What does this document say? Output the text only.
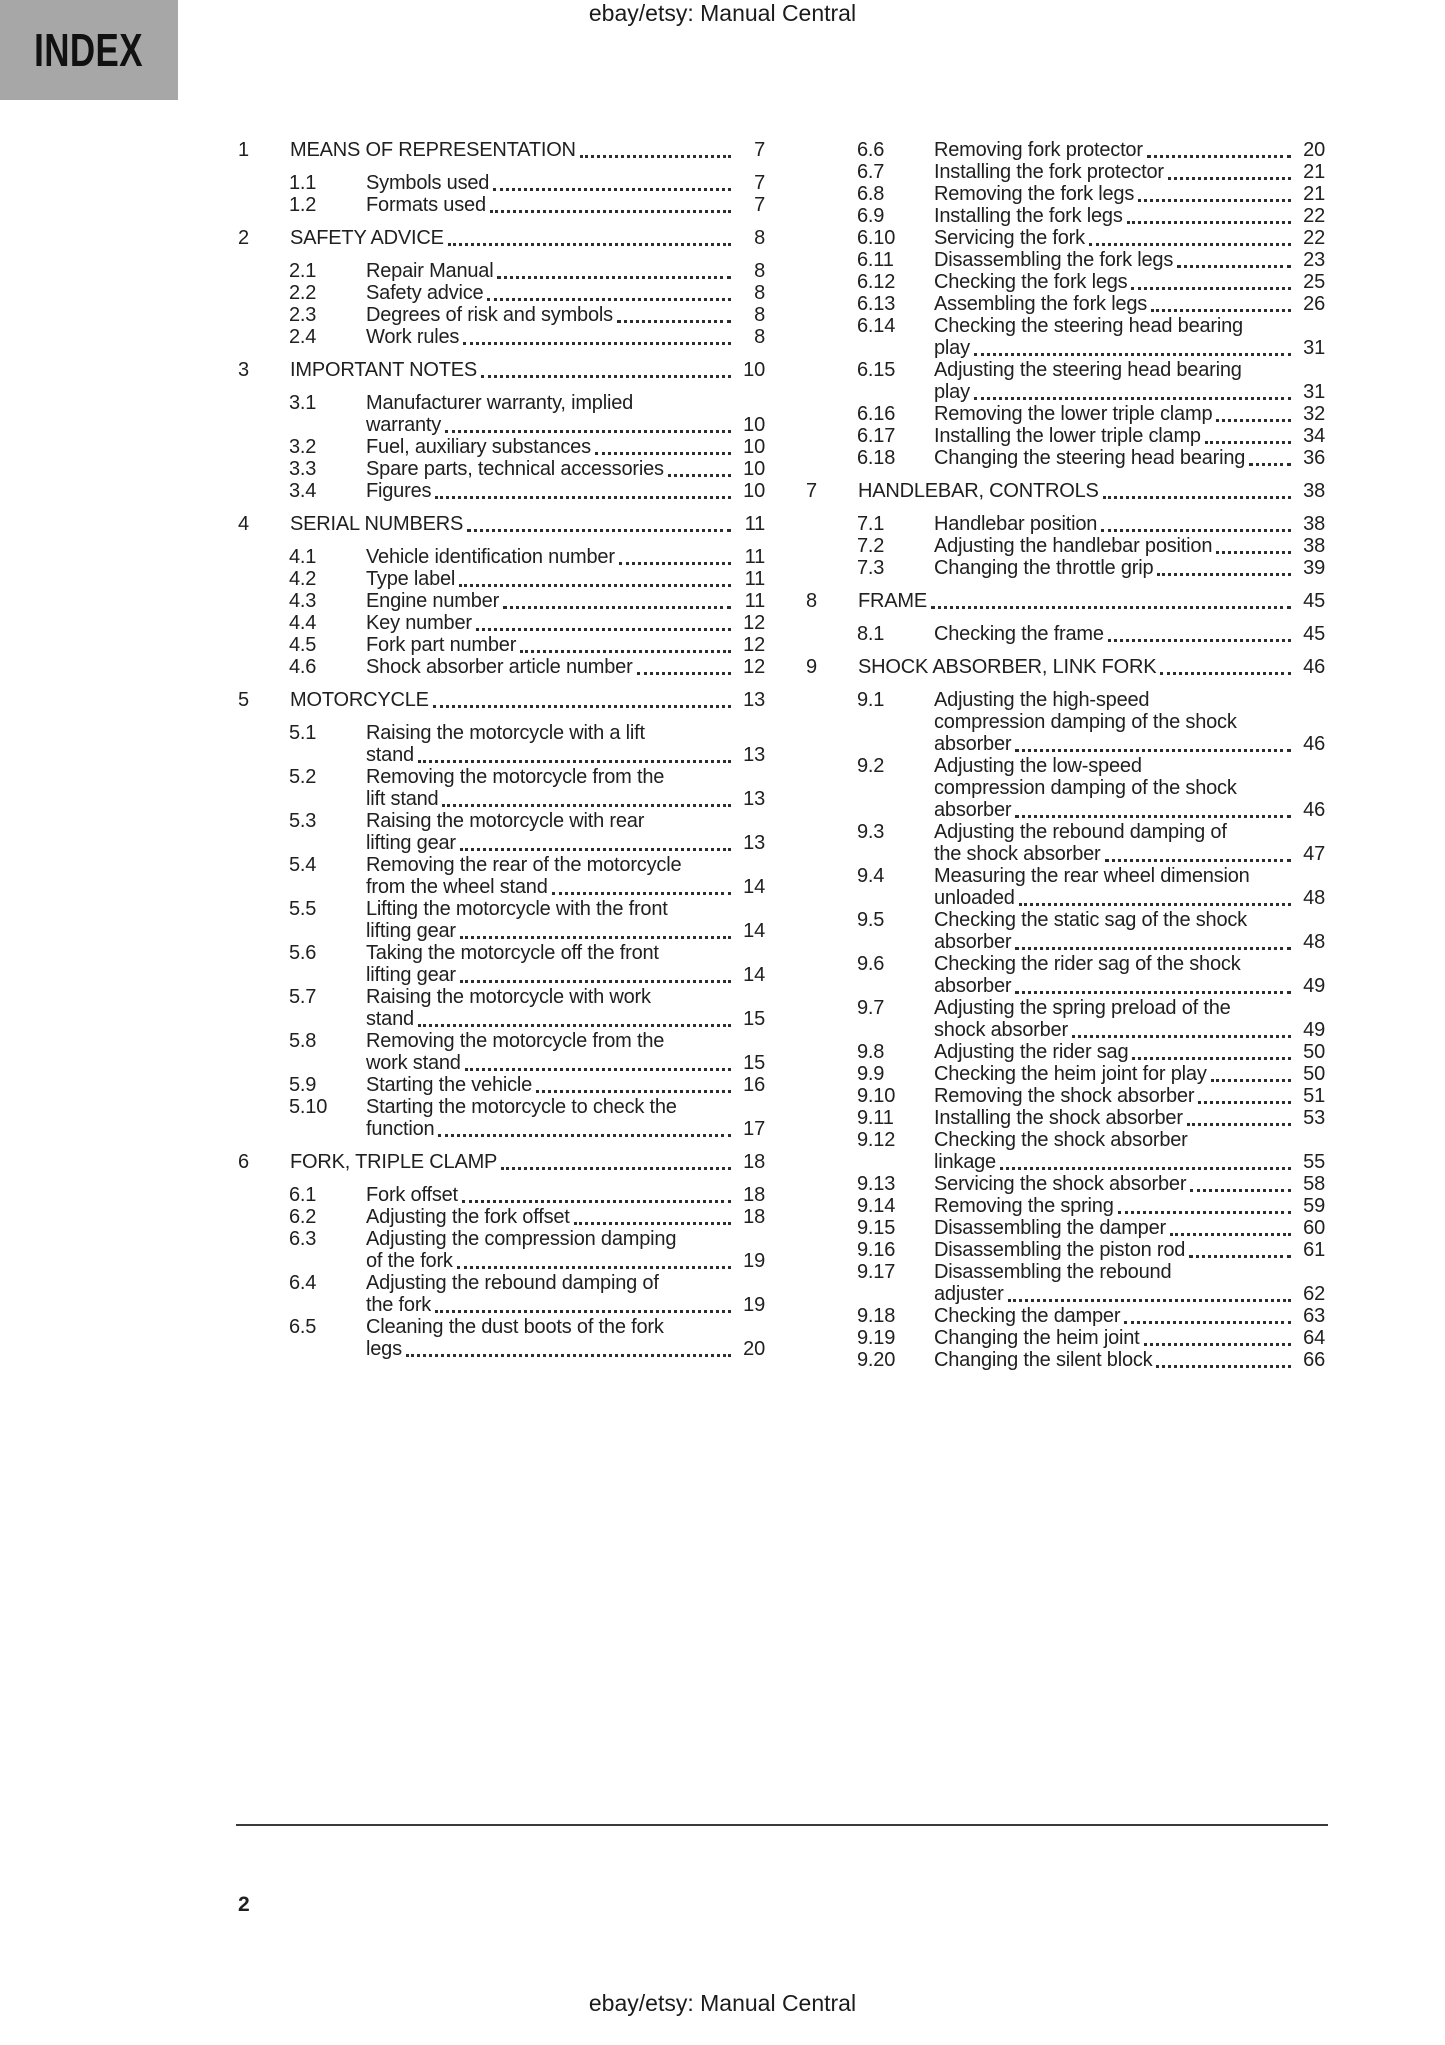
ebay/etsy: Manual Central
INDEX
1	MEANS OF REPRESENTATION	7
1.1	Symbols used	7
1.2	Formats used	7
2	SAFETY ADVICE	8
2.1	Repair Manual	8
2.2	Safety advice	8
2.3	Degrees of risk and symbols	8
2.4	Work rules	8
3	IMPORTANT NOTES	10
3.1	Manufacturer warranty, implied
warranty	10
3.2	Fuel, auxiliary substances	10
3.3	Spare parts, technical accessories	10
3.4	Figures	10
4	SERIAL NUMBERS	11
4.1	Vehicle identification number	11
4.2	Type label	11
4.3	Engine number	11
4.4	Key number	12
4.5	Fork part number	12
4.6	Shock absorber article number	12
5	MOTORCYCLE	13
5.1	Raising the motorcycle with a lift
stand	13
5.2	Removing the motorcycle from the
lift stand	13
5.3	Raising the motorcycle with rear
lifting gear	13
5.4	Removing the rear of the motorcycle
from the wheel stand	14
5.5	Lifting the motorcycle with the front
lifting gear	14
5.6	Taking the motorcycle off the front
lifting gear	14
5.7	Raising the motorcycle with work
stand	15
5.8	Removing the motorcycle from the
work stand	15
5.9	Starting the vehicle	16
5.10	Starting the motorcycle to check the
function	17
6	FORK, TRIPLE CLAMP	18
6.1	Fork offset	18
6.2	Adjusting the fork offset	18
6.3	Adjusting the compression damping
of the fork	19
6.4	Adjusting the rebound damping of
the fork	19
6.5	Cleaning the dust boots of the fork
legs	20
6.6	Removing fork protector	20
6.7	Installing the fork protector	21
6.8	Removing the fork legs	21
6.9	Installing the fork legs	22
6.10	Servicing the fork	22
6.11	Disassembling the fork legs	23
6.12	Checking the fork legs	25
6.13	Assembling the fork legs	26
6.14	Checking the steering head bearing
play	31
6.15	Adjusting the steering head bearing
play	31
6.16	Removing the lower triple clamp	32
6.17	Installing the lower triple clamp	34
6.18	Changing the steering head bearing	36
7	HANDLEBAR, CONTROLS	38
7.1	Handlebar position	38
7.2	Adjusting the handlebar position	38
7.3	Changing the throttle grip	39
8	FRAME	45
8.1	Checking the frame	45
9	SHOCK ABSORBER, LINK FORK	46
9.1	Adjusting the high-speed
compression damping of the shock
absorber	46
9.2	Adjusting the low-speed
compression damping of the shock
absorber	46
9.3	Adjusting the rebound damping of
the shock absorber	47
9.4	Measuring the rear wheel dimension
unloaded	48
9.5	Checking the static sag of the shock
absorber	48
9.6	Checking the rider sag of the shock
absorber	49
9.7	Adjusting the spring preload of the
shock absorber	49
9.8	Adjusting the rider sag	50
9.9	Checking the heim joint for play	50
9.10	Removing the shock absorber	51
9.11	Installing the shock absorber	53
9.12	Checking the shock absorber
linkage	55
9.13	Servicing the shock absorber	58
9.14	Removing the spring	59
9.15	Disassembling the damper	60
9.16	Disassembling the piston rod	61
9.17	Disassembling the rebound
adjuster	62
9.18	Checking the damper	63
9.19	Changing the heim joint	64
9.20	Changing the silent block	66
2
ebay/etsy: Manual Central
